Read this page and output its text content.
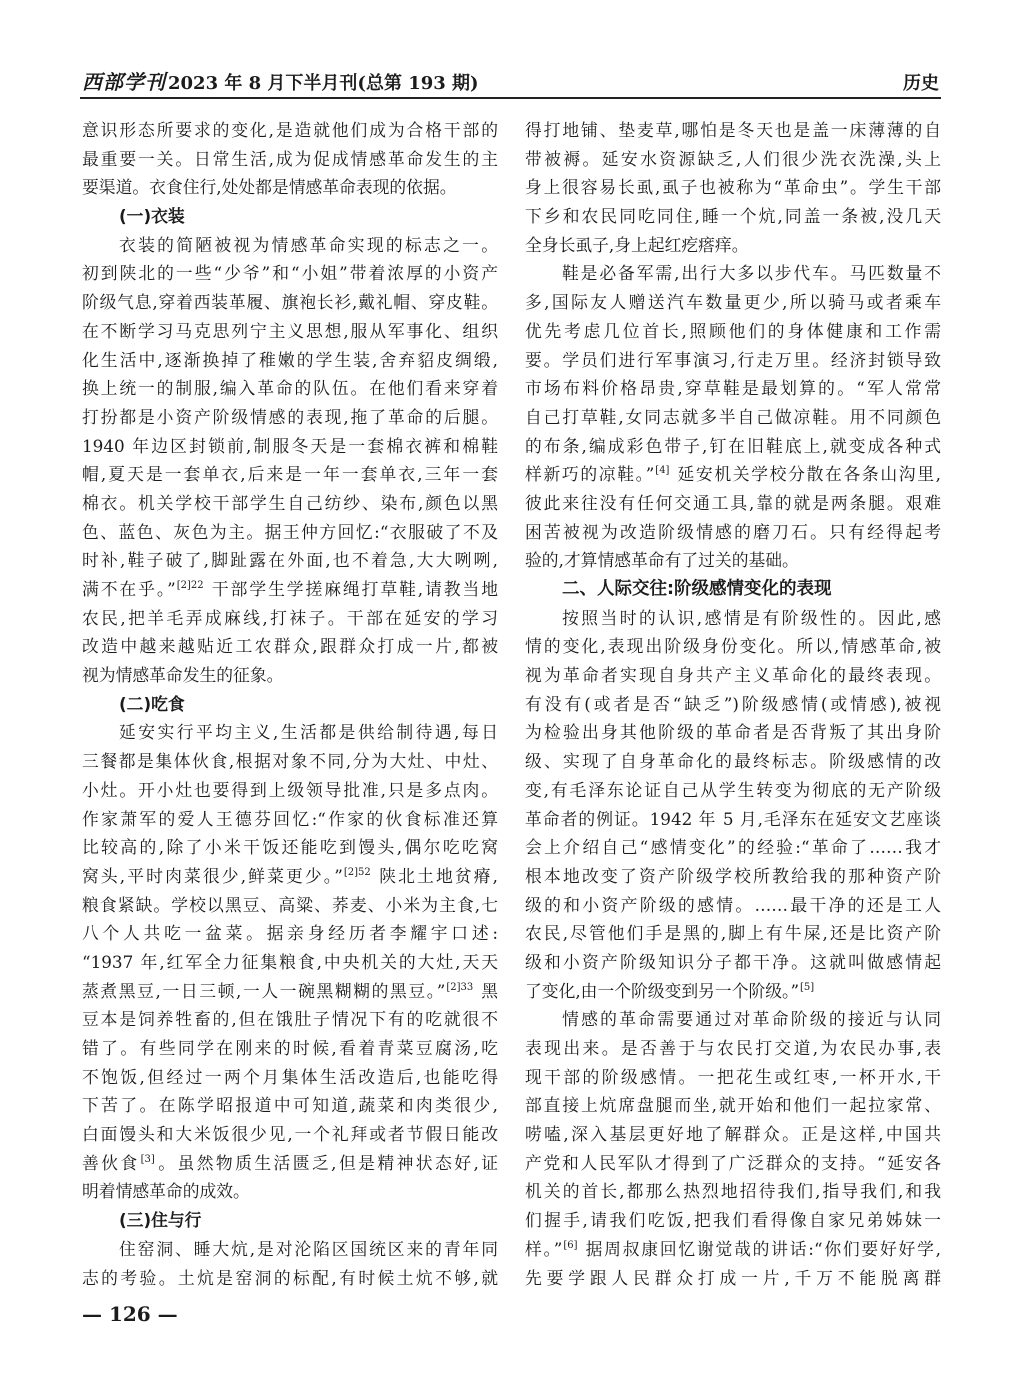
西部学刊 2023 年 8 月下半月刊(总第 193 期)	历史
意识形态所要求的变化,是造就他们成为合格干部的
最重要一关。日常生活,成为促成情感革命发生的主
要渠道。衣食住行,处处都是情感革命表现的依据。
(一)衣装
衣装的简陋被视为情感革命实现的标志之一。
初到陕北的一些“少爷”和“小姐”带着浓厚的小资产
阶级气息,穿着西装革履、旗袍长衫,戴礼帽、穿皮鞋。
在不断学习马克思列宁主义思想,服从军事化、组织
化生活中,逐渐换掉了稚嫩的学生装,舍弃貂皮绸缎,
换上统一的制服,编入革命的队伍。在他们看来穿着
打扮都是小资产阶级情感的表现,拖了革命的后腿。
1940 年边区封锁前,制服冬天是一套棉衣裤和棉鞋
帽,夏天是一套单衣,后来是一年一套单衣,三年一套
棉衣。机关学校干部学生自己纺纱、染布,颜色以黑
色、蓝色、灰色为主。据王仲方回忆:“衣服破了不及
时补,鞋子破了,脚趾露在外面,也不着急,大大咧咧,
满不在乎。”$^{[2]22}$ 干部学生学搓麻绳打草鞋,请教当地
农民,把羊毛弄成麻线,打袜子。干部在延安的学习
改造中越来越贴近工农群众,跟群众打成一片,都被
视为情感革命发生的征象。
(二)吃食
延安实行平均主义,生活都是供给制待遇,每日
三餐都是集体伙食,根据对象不同,分为大灶、中灶、
小灶。开小灶也要得到上级领导批准,只是多点肉。
作家萧军的爱人王德芬回忆:“作家的伙食标准还算
比较高的,除了小米干饭还能吃到馒头,偶尔吃吃窝
窝头,平时肉菜很少,鲜菜更少。”$^{[2]52}$ 陕北土地贫瘠,
粮食紧缺。学校以黑豆、高粱、荞麦、小米为主食,七
八个人共吃一盆菜。据亲身经历者李耀宇口述:
“1937 年,红军全力征集粮食,中央机关的大灶,天天
蒸煮黑豆,一日三顿,一人一碗黑糊糊的黑豆。”$^{[2]33}$ 黑
豆本是饲养牲畜的,但在饿肚子情况下有的吃就很不
错了。有些同学在刚来的时候,看着青菜豆腐汤,吃
不饱饭,但经过一两个月集体生活改造后,也能吃得
下苦了。在陈学昭报道中可知道,蔬菜和肉类很少,
白面馒头和大米饭很少见,一个礼拜或者节假日能改
善伙食[3]。虽然物质生活匮乏,但是精神状态好,证
明着情感革命的成效。
(三)住与行
住窑洞、睡大炕,是对沦陷区国统区来的青年同
志的考验。土炕是窑洞的标配,有时候土炕不够,就
得打地铺、垫麦草,哪怕是冬天也是盖一床薄薄的自
带被褥。延安水资源缺乏,人们很少洗衣洗澡,头上
身上很容易长虱,虱子也被称为“革命虫”。学生干部
下乡和农民同吃同住,睡一个炕,同盖一条被,没几天
全身长虱子,身上起红疙瘩痒。
鞋是必备军需,出行大多以步代车。马匹数量不
多,国际友人赠送汽车数量更少,所以骑马或者乘车
优先考虑几位首长,照顾他们的身体健康和工作需
要。学员们进行军事演习,行走万里。经济封锁导致
市场布料价格昂贵,穿草鞋是最划算的。“军人常常
自己打草鞋,女同志就多半自己做凉鞋。用不同颜色
的布条,编成彩色带子,钉在旧鞋底上,就变成各种式
样新巧的凉鞋。”[4] 延安机关学校分散在各条山沟里,
彼此来往没有任何交通工具,靠的就是两条腿。艰难
困苦被视为改造阶级情感的磨刀石。只有经得起考
验的,才算情感革命有了过关的基础。
二、人际交往:阶级感情变化的表现
按照当时的认识,感情是有阶级性的。因此,感
情的变化,表现出阶级身份变化。所以,情感革命,被
视为革命者实现自身共产主义革命化的最终表现。
有没有(或者是否“缺乏”)阶级感情(或情感),被视
为检验出身其他阶级的革命者是否背叛了其出身阶
级、实现了自身革命化的最终标志。阶级感情的改
变,有毛泽东论证自己从学生转变为彻底的无产阶级
革命者的例证。1942 年 5 月,毛泽东在延安文艺座谈
会上介绍自己“感情变化”的经验:“革命了……我才
根本地改变了资产阶级学校所教给我的那种资产阶
级的和小资产阶级的感情。……最干净的还是工人
农民,尽管他们手是黑的,脚上有牛屎,还是比资产阶
级和小资产阶级知识分子都干净。这就叫做感情起
了变化,由一个阶级变到另一个阶级。”[5]
情感的革命需要通过对革命阶级的接近与认同
表现出来。是否善于与农民打交道,为农民办事,表
现干部的阶级感情。一把花生或红枣,一杯开水,干
部直接上炕席盘腿而坐,就开始和他们一起拉家常、
唠嗑,深入基层更好地了解群众。正是这样,中国共
产党和人民军队才得到了广泛群众的支持。“延安各
机关的首长,都那么热烈地招待我们,指导我们,和我
们握手,请我们吃饭,把我们看得像自家兄弟姊妹一
样。”[6] 据周叔康回忆谢觉哉的讲话:“你们要好好学,
先要学跟人民群众打成一片,千万不能脱离群
— 126 —
